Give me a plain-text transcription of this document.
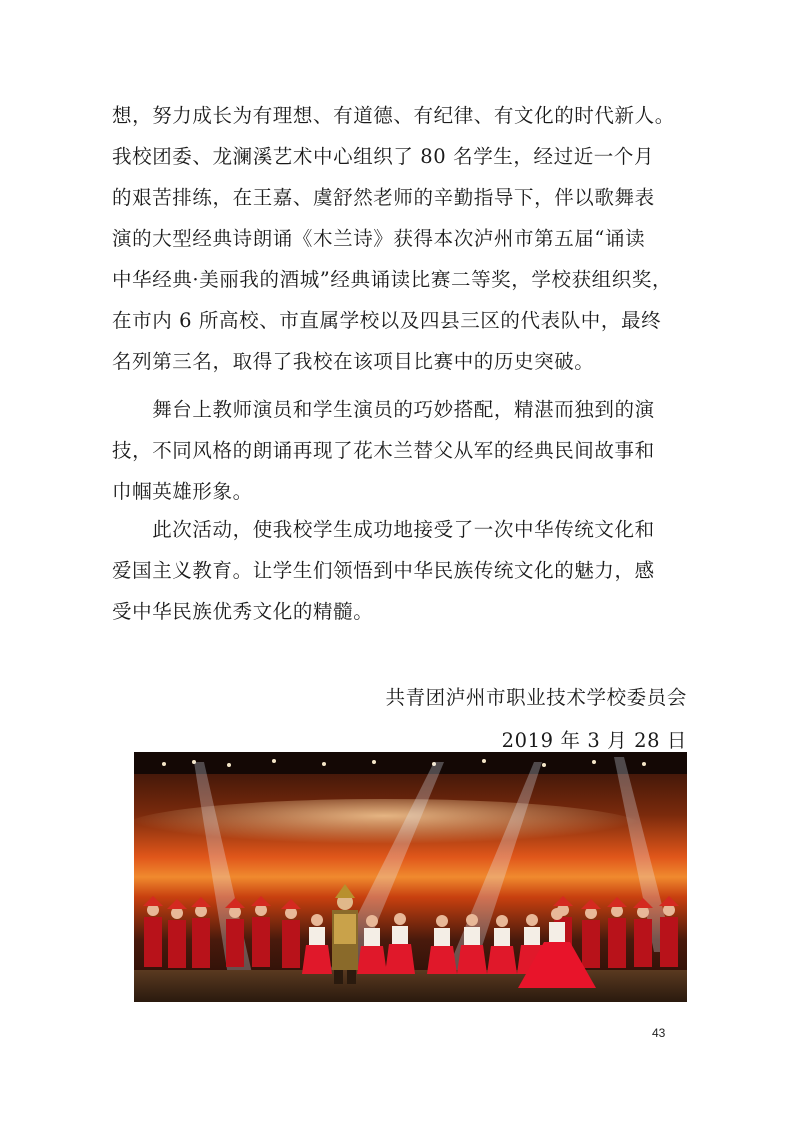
想，努力成长为有理想、有道德、有纪律、有文化的时代新人。
我校团委、龙澜溪艺术中心组织了 80 名学生，经过近一个月
的艰苦排练，在王嘉、虞舒然老师的辛勤指导下，伴以歌舞表
演的大型经典诗朗诵《木兰诗》获得本次泸州市第五届“诵读
中华经典·美丽我的酒城”经典诵读比赛二等奖，学校获组织奖，
在市内 6 所高校、市直属学校以及四县三区的代表队中，最终
名列第三名，取得了我校在该项目比赛中的历史突破。
　　舞台上教师演员和学生演员的巧妙搭配，精湛而独到的演
技，不同风格的朗诵再现了花木兰替父从军的经典民间故事和
巾帼英雄形象。
　　此次活动，使我校学生成功地接受了一次中华传统文化和
爱国主义教育。让学生们领悟到中华民族传统文化的魅力，感
受中华民族优秀文化的精髓。
共青团泸州市职业技术学校委员会
2019 年 3 月 28 日
43
